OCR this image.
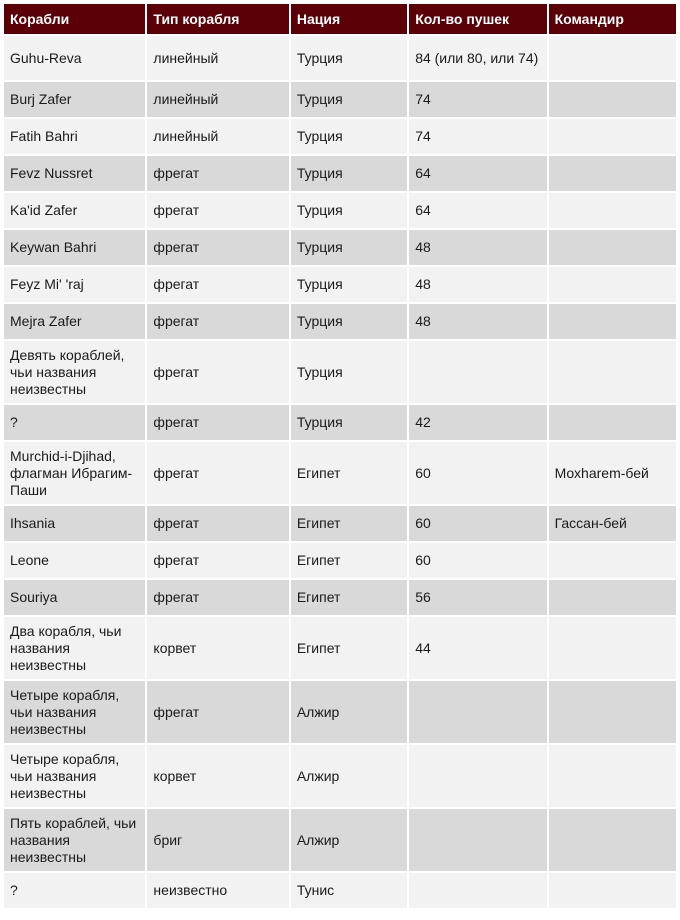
Корабли	Тип корабля	Нация	Кол-во пушек	Командир
Guhu-Reva	линейный	Турция	84 (или 80, или 74)	
Burj Zafer	линейный	Турция	74	
Fatih Bahri	линейный	Турция	74	
Fevz Nussret	фрегат	Турция	64	
Ka'id Zafer	фрегат	Турция	64	
Keywan Bahri	фрегат	Турция	48	
Feyz Mi' 'raj	фрегат	Турция	48	
Mejra Zafer	фрегат	Турция	48	
Девять кораблей, чьи названия неизвестны	фрегат	Турция		
?	фрегат	Турция	42	
Murchid-i-Djihad, флагман Ибрагим-Паши	фрегат	Египет	60	Мохharem-бей
Ihsania	фрегат	Египет	60	Гассан-бей
Leone	фрегат	Египет	60	
Souriya	фрегат	Египет	56	
Два корабля, чьи названия неизвестны	корвет	Египет	44	
Четыре корабля, чьи названия неизвестны	фрегат	Алжир		
Четыре корабля, чьи названия неизвестны	корвет	Алжир		
Пять кораблей, чьи названия неизвестны	бриг	Алжир		
?	неизвестно	Тунис		
